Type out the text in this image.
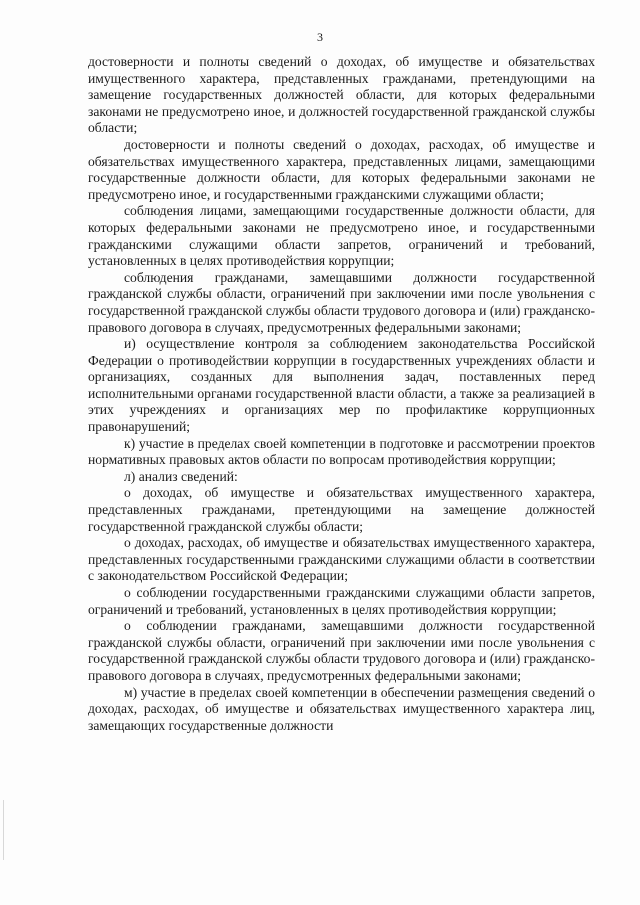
3

достоверности и полноты сведений о доходах, об имуществе и обязательствах имущественного характера, представленных гражданами, претендующими на замещение государственных должностей области, для которых федеральными законами не предусмотрено иное, и должностей государственной гражданской службы области;

достоверности и полноты сведений о доходах, расходах, об имуществе и обязательствах имущественного характера, представленных лицами, замещающими государственные должности области, для которых федеральными законами не предусмотрено иное, и государственными гражданскими служащими области;

соблюдения лицами, замещающими государственные должности области, для которых федеральными законами не предусмотрено иное, и государственными гражданскими служащими области запретов, ограничений и требований, установленных в целях противодействия коррупции;

соблюдения гражданами, замещавшими должности государственной гражданской службы области, ограничений при заключении ими после увольнения с государственной гражданской службы области трудового договора и (или) гражданско-правового договора в случаях, предусмотренных федеральными законами;

и) осуществление контроля за соблюдением законодательства Российской Федерации о противодействии коррупции в государственных учреждениях области и организациях, созданных для выполнения задач, поставленных перед исполнительными органами государственной власти области, а также за реализацией в этих учреждениях и организациях мер по профилактике коррупционных правонарушений;

к) участие в пределах своей компетенции в подготовке и рассмотрении проектов нормативных правовых актов области по вопросам противодействия коррупции;

л) анализ сведений:

о доходах, об имуществе и обязательствах имущественного характера, представленных гражданами, претендующими на замещение должностей государственной гражданской службы области;

о доходах, расходах, об имуществе и обязательствах имущественного характера, представленных государственными гражданскими служащими области в соответствии с законодательством Российской Федерации;

о соблюдении государственными гражданскими служащими области запретов, ограничений и требований, установленных в целях противодействия коррупции;

о соблюдении гражданами, замещавшими должности государственной гражданской службы области, ограничений при заключении ими после увольнения с государственной гражданской службы области трудового договора и (или) гражданско-правового договора в случаях, предусмотренных федеральными законами;

м) участие в пределах своей компетенции в обеспечении размещения сведений о доходах, расходах, об имуществе и обязательствах имущественного характера лиц, замещающих государственные должности
